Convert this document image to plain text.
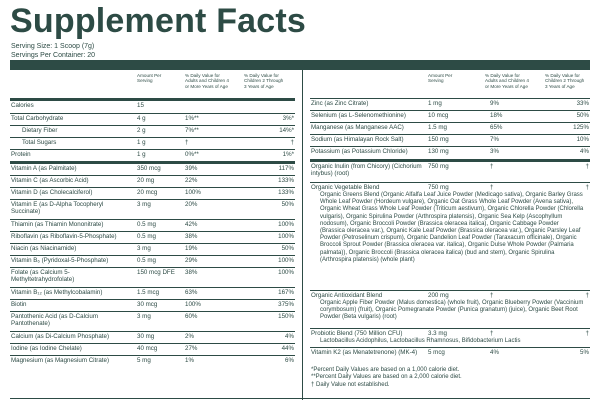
Supplement Facts
Serving Size: 1 Scoop (7g)
Servings Per Container: 20
Amount Per
Serving
% Daily Value for
Adults and Children 4
or More Years of Age
% Daily Value for
Children 2 Through
3 Years of Age
Amount Per
Serving
% Daily Value for
Adults and Children 4
or More Years of Age
% Daily Value for
Children 2 Through
3 Years of Age
Calories	15
Total Carbohydrate	4 g	1%**	3%*
Dietary Fiber	2 g	7%**	14%*
Total Sugars	1 g	†	†
Protein	1 g	0%**	1%*
Vitamin A (as Palmitate)	350 mcg	39%	117%
Vitamin C (as Ascorbic Acid)	20 mg	22%	133%
Vitamin D (as Cholecalciferol)	20 mcg	100%	133%
Vitamin E (as D-Alpha Tocopheryl Succinate)
3 mg	20%	50%
Thiamin (as Thiamin Mononitrate)	0.5 mg	42%	100%
Riboflavin (as Riboflavin-5-Phosphate)	0.5 mg	38%	100%
Niacin (as Niacinamide)	3 mg	19%	50%
Vitamin B₆ (Pyridoxal-5-Phosphate)	0.5 mg	29%	100%
Folate (as Calcium 5-Methyltetrahydrofolate)
150 mcg DFE 38%	100%
Vitamin B₁₂ (as Methylcobalamin)	1.5 mcg	63%	167%
Biotin	30 mcg	100%	375%
Pantothenic Acid (as D-Calcium Pantothenate)
3 mg	60%	150%
Calcium (as Di-Calcium Phosphate)	30 mg	2%	4%
Iodine (as Iodine Chelate)	40 mcg	27%	44%
Magnesium (as Magnesium Citrate)	5 mg	1%	6%
Zinc (as Zinc Citrate)	1 mg	9%	33%
Selenium (as L-Selenomethionine)	10 mcg	18%	50%
Manganese (as Manganese AAC)	1.5 mg	65%	125%
Sodium (as Himalayan Rock Salt)	150 mg	7%	10%
Potassium (as Potassium Chloride)	130 mg	3%	4%
Organic Inulin (from Chicory) (Cichorium intybus) (root)
750 mg	†	†
Organic Vegetable Blend	750 mg	†	†
Organic Greens Blend (Organic Alfalfa Leaf Juice Powder (Medicago sativa), Organic Barley Grass Whole Leaf Powder (Hordeum vulgare), Organic Oat Grass Whole Leaf Powder (Avena sativa), Organic Wheat Grass Whole Leaf Powder (Triticum aestivum), Organic Chlorella Powder (Chlorella vulgaris), Organic Spirulina Powder (Arthrospira platensis), Organic Sea Kelp (Ascophyllum nodosum), Organic Broccoli Powder (Brassica oleracea italica), Organic Cabbage Powder (Brassica oleracea var.), Organic Kale Leaf Powder (Brassica oleracea var.), Organic Parsley Leaf Powder (Petroselinum crispum), Organic Dandelion Leaf Powder (Taraxacum officinale), Organic Broccoli Sprout Powder (Brassica oleracea var. italica), Organic Dulse Whole Powder (Palmaria palmata)), Organic Broccoli (Brassica oleracea italica) (bud and stem), Organic Spirulina (Arthrospira platensis) (whole plant)
Organic Antioxidant Blend	200 mg	†	†
Organic Apple Fiber Powder (Malus domestica) (whole fruit), Organic Blueberry Powder (Vaccinium corymbosum) (fruit), Organic Pomegranate Powder (Punica granatum) (juice), Organic Beet Root Powder (Beta vulgaris) (root)
Probiotic Blend (750 Million CFU)	3.3 mg	†	†
Lactobacillus Acidophilus, Lactobacillus Rhamnosus, Bifidobacterium Lactis
Vitamin K2 (as Menatetrenone) (MK-4)	5 mcg	4%	5%
*Percent Daily Values are based on a 1,000 calorie diet.
**Percent Daily Values are based on a 2,000 calorie diet.
† Daily Value not established.
